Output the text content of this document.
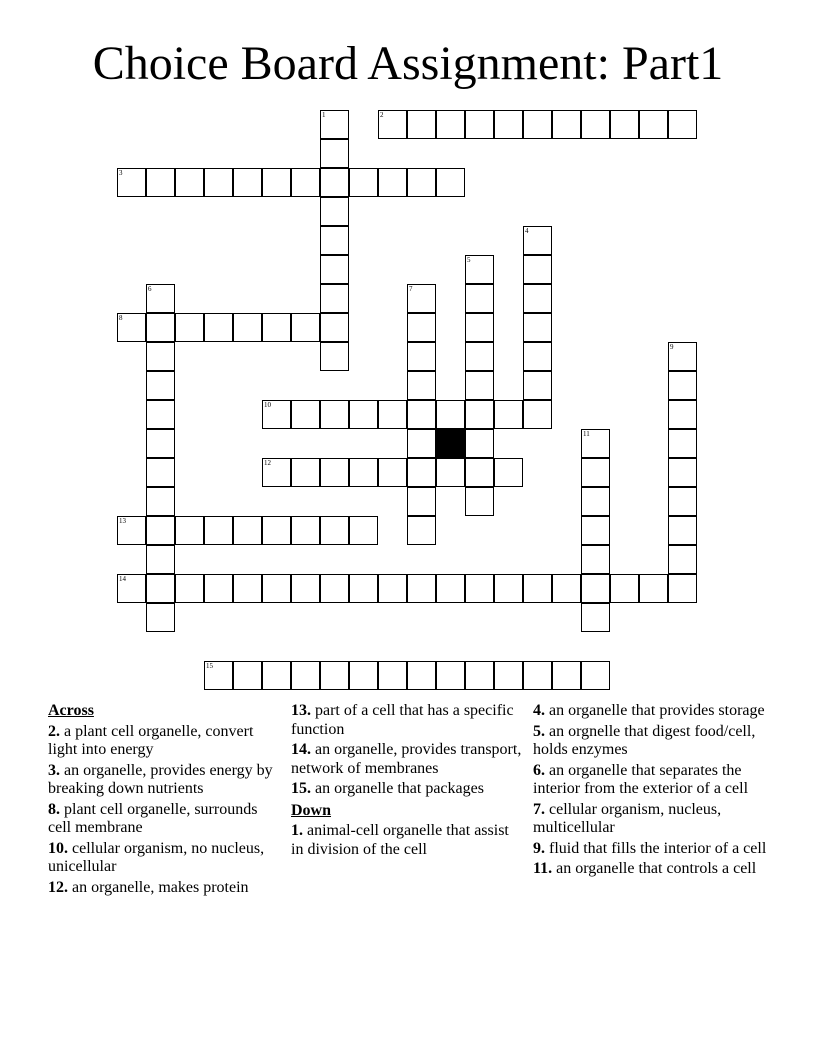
Choice Board Assignment: Part1
2
3
8
10
12
13
14
15
1
4
5
6	7
9
11
Across
2. a plant cell organelle, convert light into energy
3. an organelle, provides energy by breaking down nutrients
8. plant cell organelle, surrounds cell membrane
10. cellular organism, no nucleus, unicellular
12. an organelle, makes protein
13. part of a cell that has a specific function
14. an organelle, provides transport, network of membranes
15. an organelle that packages
Down
1. animal-cell organelle that assist in division of the cell
4. an organelle that provides storage
5. an orgnelle that digest food/cell, holds enzymes
6. an organelle that separates the interior from the exterior of a cell
7. cellular organism, nucleus, multicellular
9. fluid that fills the interior of a cell
11. an organelle that controls a cell
